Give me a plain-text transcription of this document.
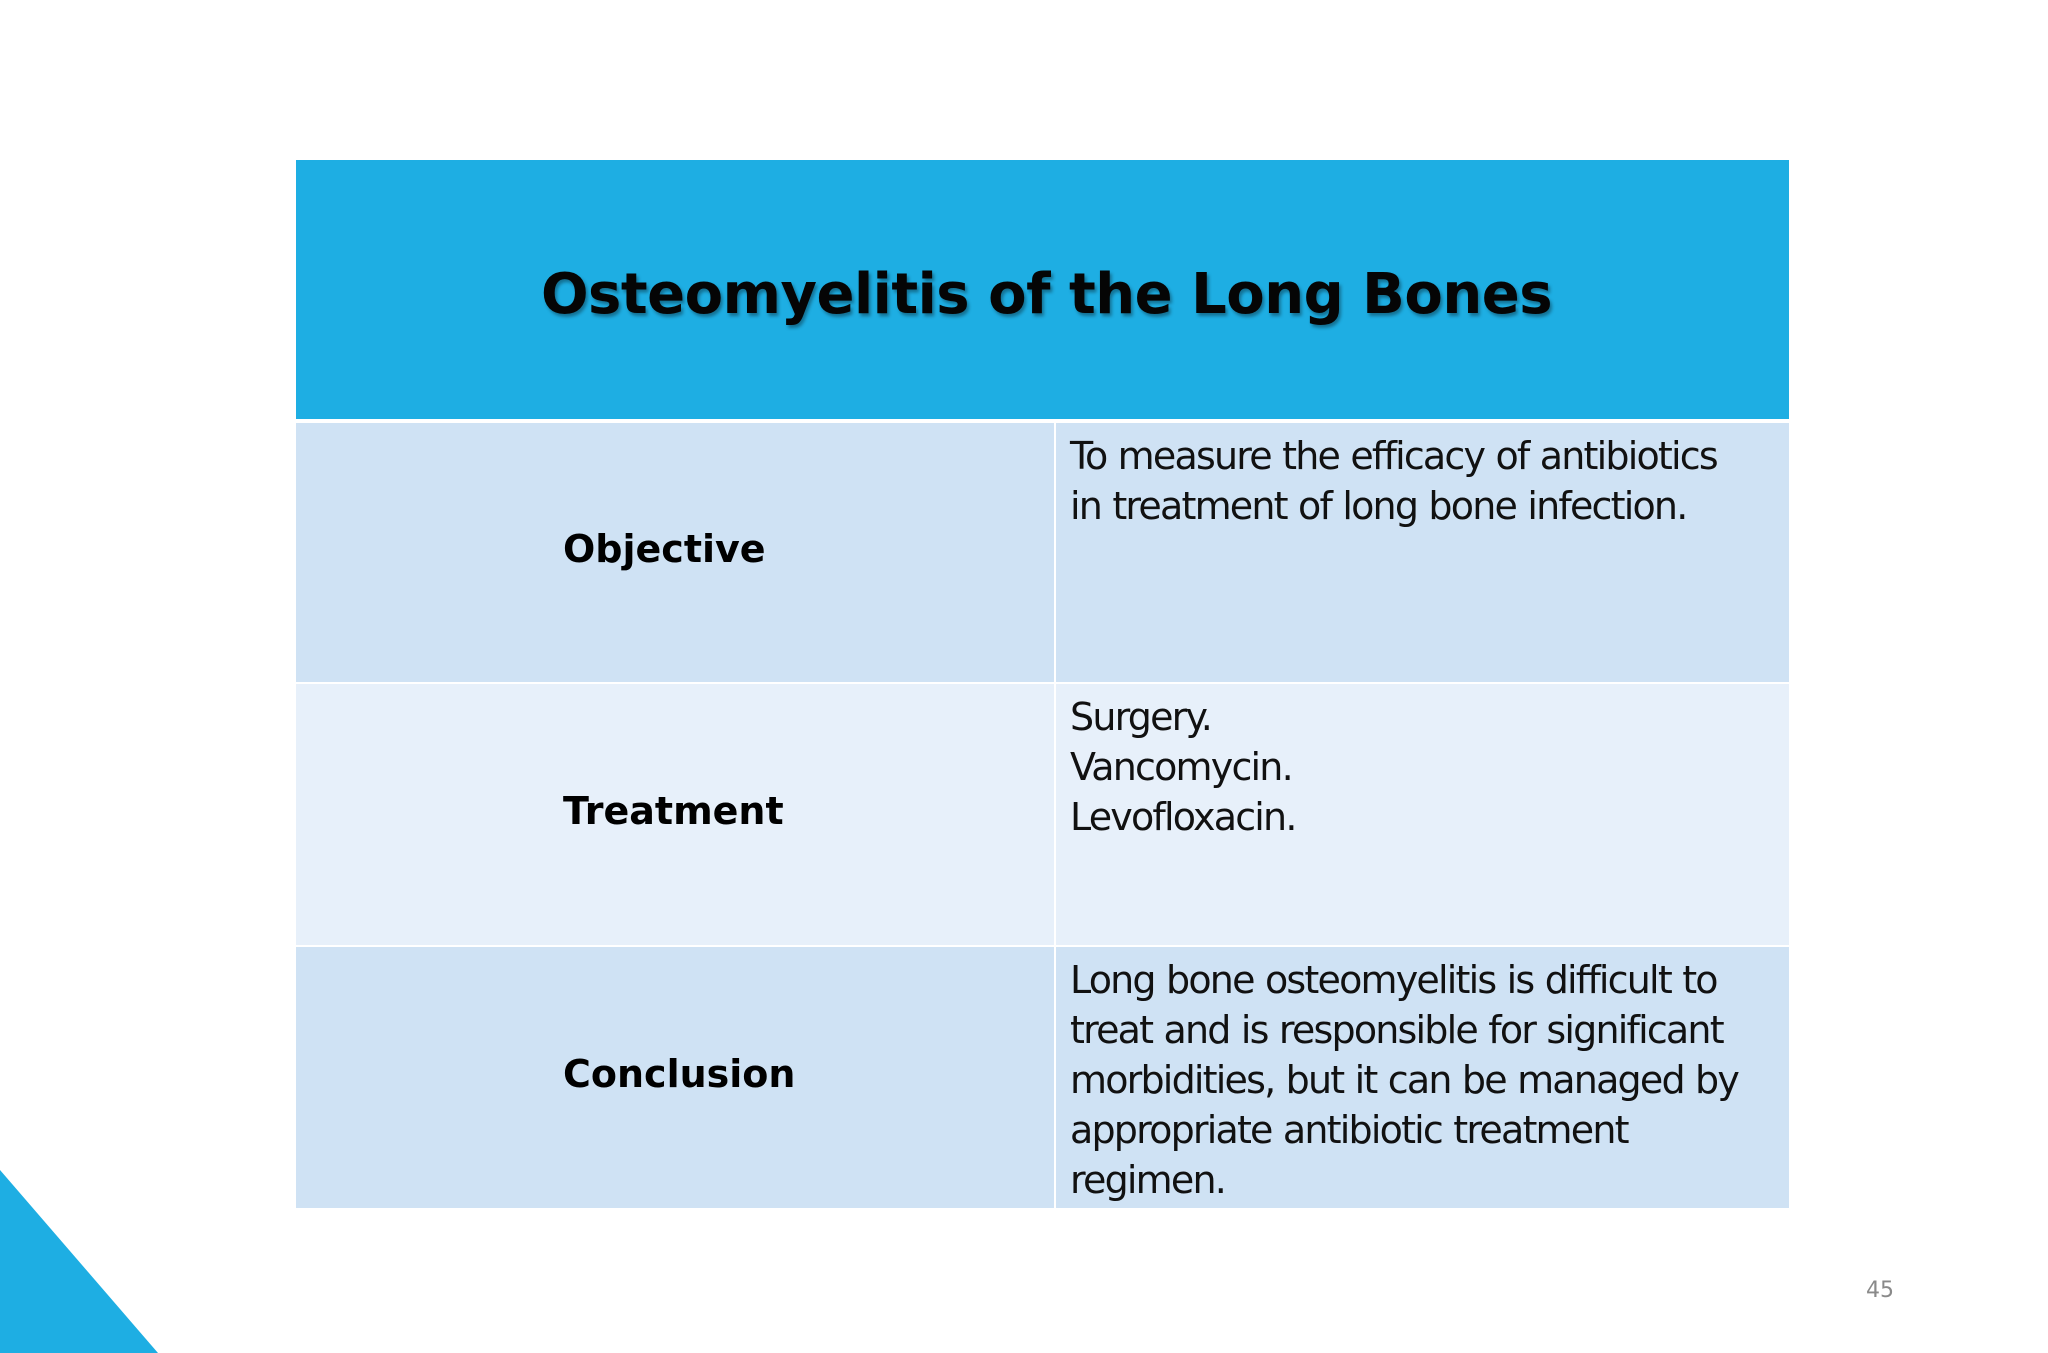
Osteomyelitis of the Long Bones
Objective
To measure the efficacy of antibiotics
in treatment of long bone infection.
Treatment
Surgery.
Vancomycin.
Levofloxacin.
Conclusion
Long bone osteomyelitis is difficult to
treat and is responsible for significant
morbidities, but it can be managed by
appropriate antibiotic treatment
regimen.
45
